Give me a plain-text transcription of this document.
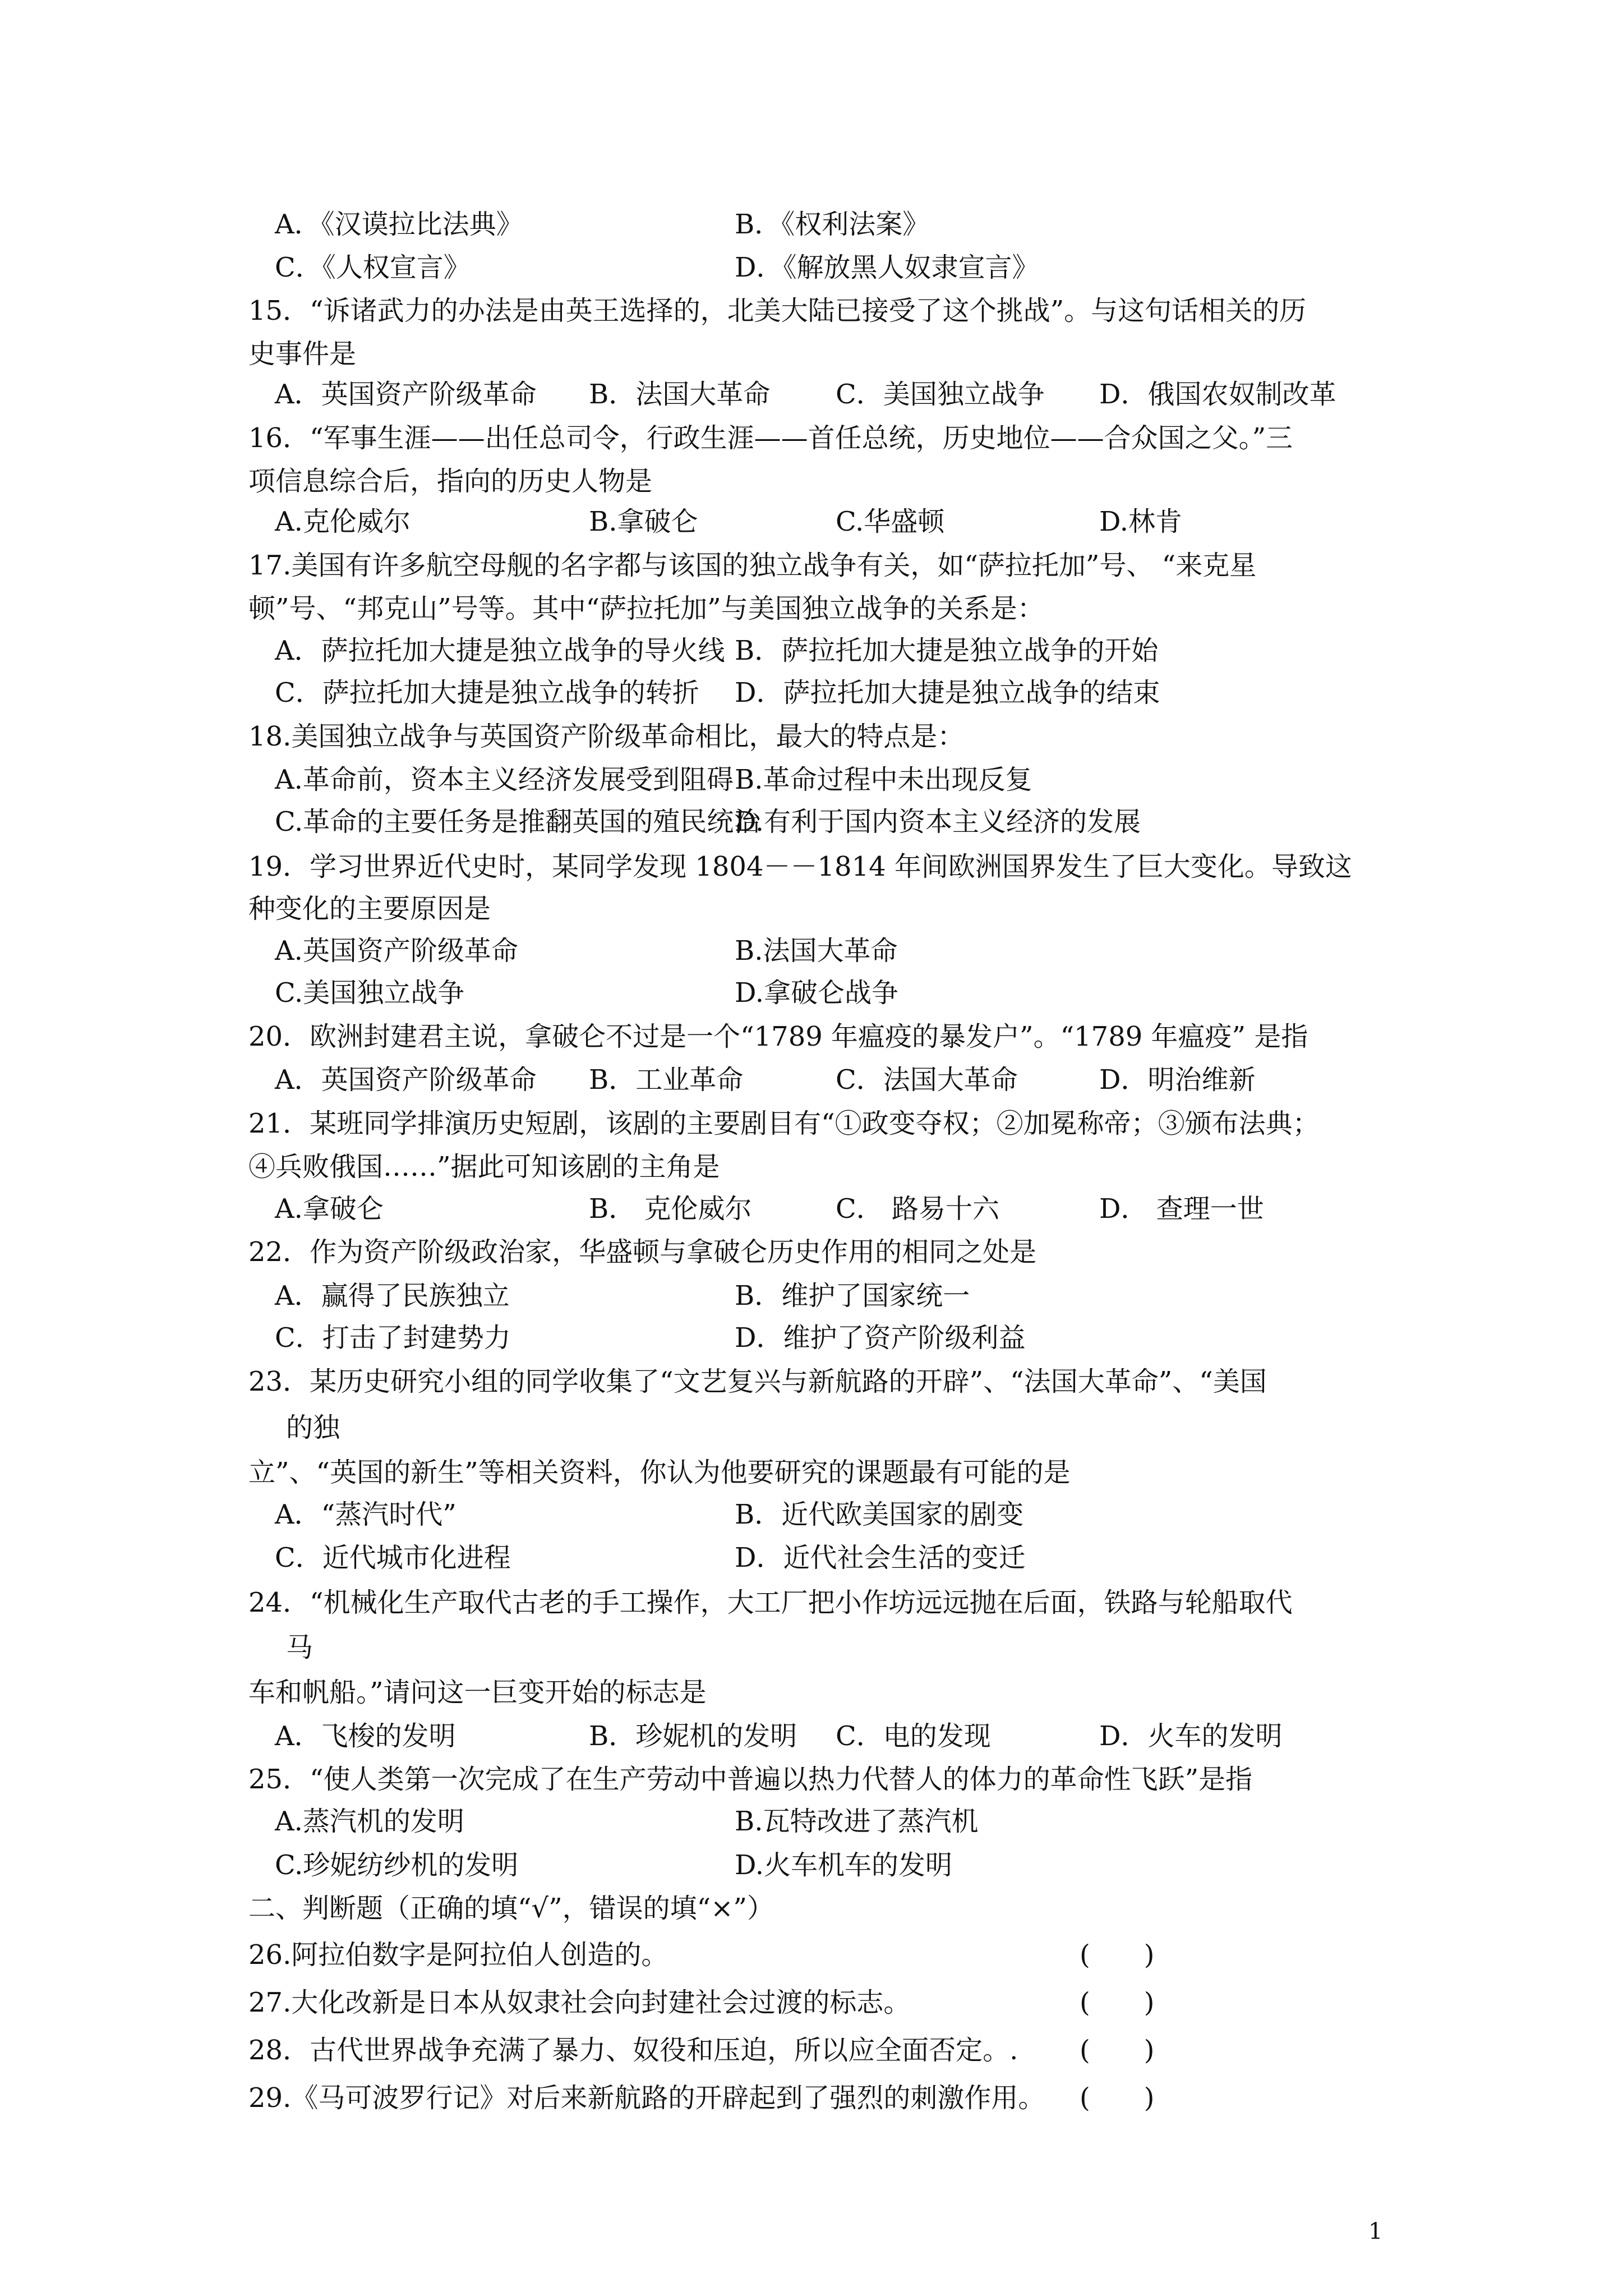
A．《汉谟拉比法典》	B．《权利法案》
C．《人权宣言》	D．《解放黑人奴隶宣言》
15．“诉诸武力的办法是由英王选择的，北美大陆已接受了这个挑战”。与这句话相关的历
史事件是
A．英国资产阶级革命 B．法国大革命 C．美国独立战争 D．俄国农奴制改革
16．“军事生涯——出任总司令，行政生涯——首任总统，历史地位——合众国之父。”三
项信息综合后，指向的历史人物是
A.克伦威尔	B.拿破仑	C.华盛顿	D.林肯
17.美国有许多航空母舰的名字都与该国的独立战争有关，如“萨拉托加”号、 “来克星
顿”号、“邦克山”号等。其中“萨拉托加”与美国独立战争的关系是：
A．萨拉托加大捷是独立战争的导火线 B．萨拉托加大捷是独立战争的开始
C．萨拉托加大捷是独立战争的转折 D．萨拉托加大捷是独立战争的结束
18.美国独立战争与英国资产阶级革命相比，最大的特点是：
A.革命前，资本主义经济发展受到阻碍 B.革命过程中未出现反复
C.革命的主要任务是推翻英国的殖民统治
D.有利于国内资本主义经济的发展
19．学习世界近代史时，某同学发现 1804－－1814 年间欧洲国界发生了巨大变化。导致这
种变化的主要原因是
A.英国资产阶级革命	B.法国大革命
C.美国独立战争	D.拿破仑战争
20．欧洲封建君主说，拿破仑不过是一个“1789 年瘟疫的暴发户”。“1789 年瘟疫” 是指
A．英国资产阶级革命 B．工业革命	C．法国大革命	D．明治维新
21．某班同学排演历史短剧，该剧的主要剧目有“①政变夺权；②加冕称帝；③颁布法典；
④兵败俄国……”据此可知该剧的主角是
A.拿破仑	B． 克伦威尔	C． 路易十六	D． 查理一世
22．作为资产阶级政治家，华盛顿与拿破仑历史作用的相同之处是
A．赢得了民族独立	B．维护了国家统一
C．打击了封建势力	D．维护了资产阶级利益
23．某历史研究小组的同学收集了“文艺复兴与新航路的开辟”、“法国大革命”、“美国
的独
立”、“英国的新生”等相关资料，你认为他要研究的课题最有可能的是
A．“蒸汽时代”	B．近代欧美国家的剧变
C．近代城市化进程	D．近代社会生活的变迁
24．“机械化生产取代古老的手工操作，大工厂把小作坊远远抛在后面，铁路与轮船取代
马
车和帆船。”请问这一巨变开始的标志是
A．飞梭的发明	B．珍妮机的发明 C．电的发现	D．火车的发明
25．“使人类第一次完成了在生产劳动中普遍以热力代替人的体力的革命性飞跃”是指
A.蒸汽机的发明	B.瓦特改进了蒸汽机
C.珍妮纺纱机的发明	D.火车机车的发明
二、判断题（正确的填“√”，错误的填“×”）
26.阿拉伯数字是阿拉伯人创造的。	(　　)
27.大化改新是日本从奴隶社会向封建社会过渡的标志。	(　　)
28．古代世界战争充满了暴力、奴役和压迫，所以应全面否定。. (　　)
29.《马可波罗行记》对后来新航路的开辟起到了强烈的刺激作用。 (　　)
1
